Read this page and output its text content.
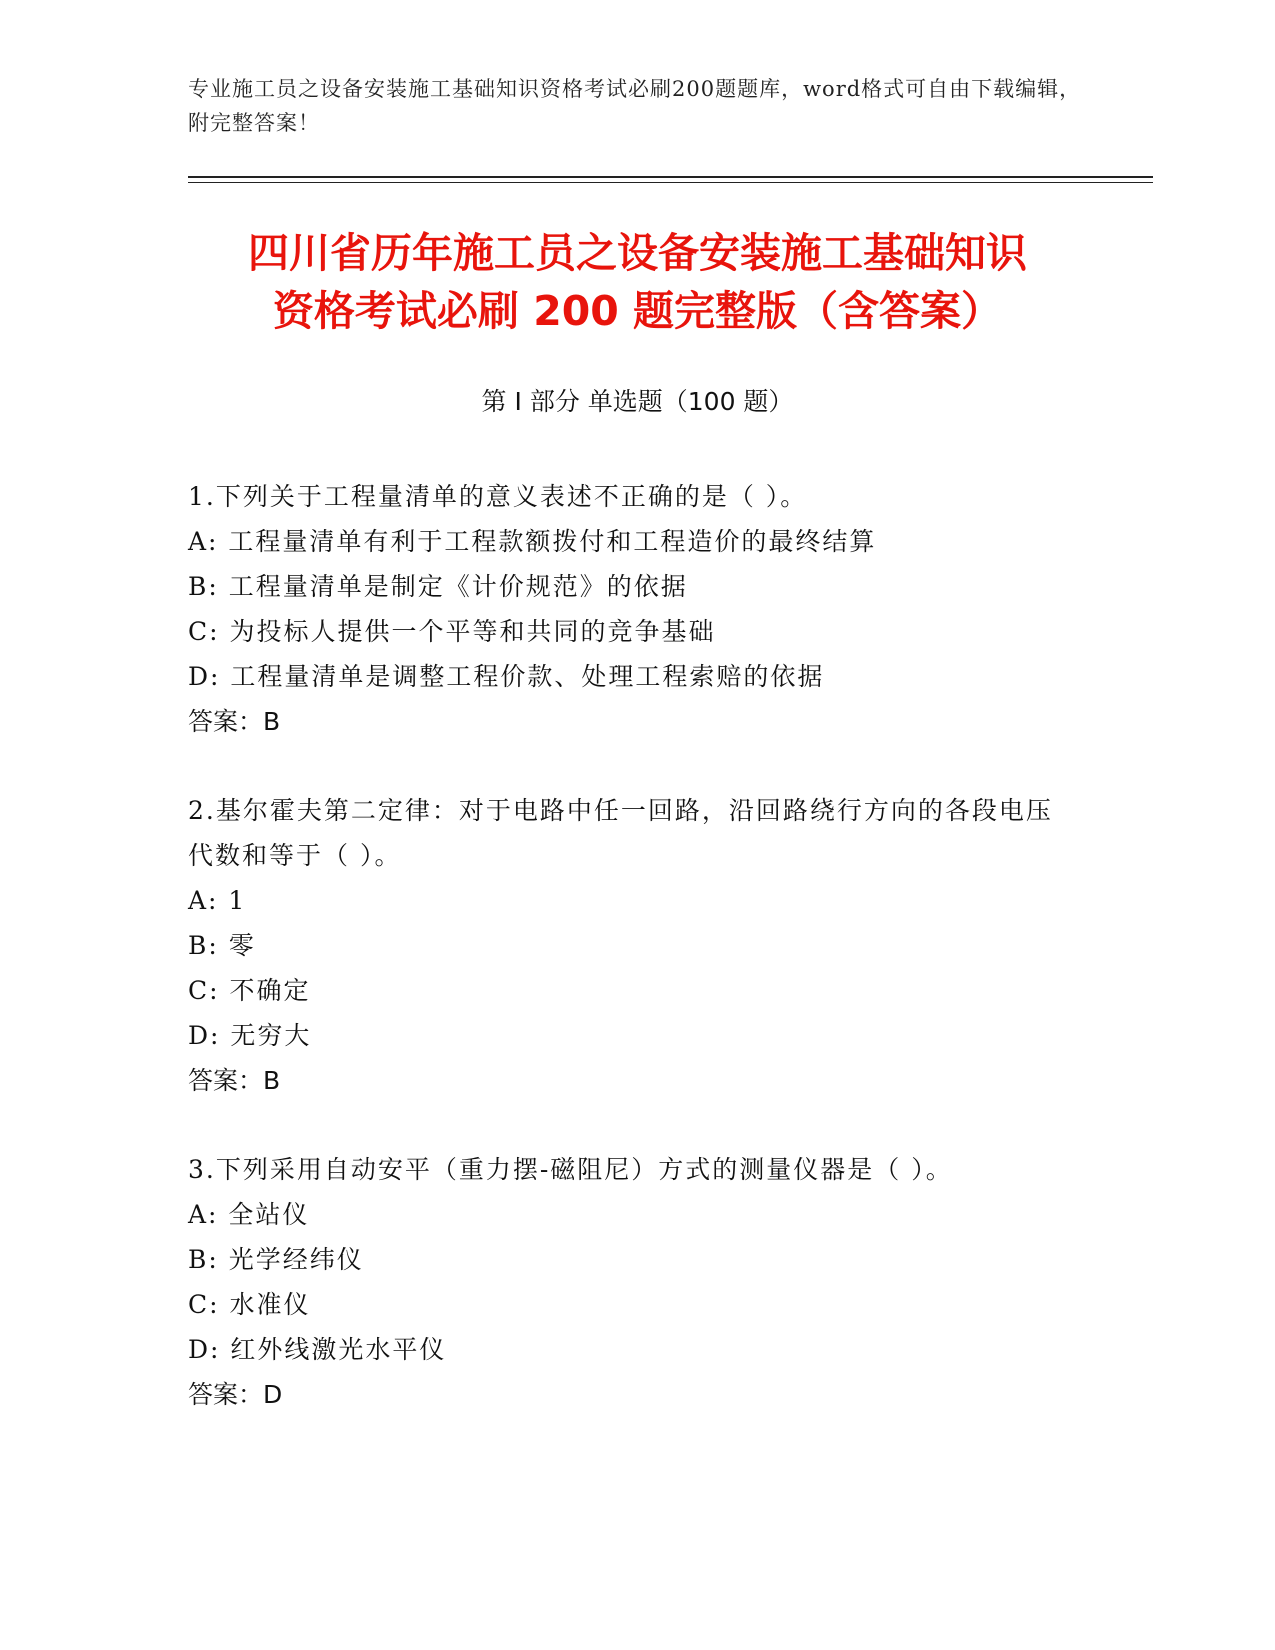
专业施工员之设备安装施工基础知识资格考试必刷200题题库，word格式可自由下载编辑，附完整答案！
四川省历年施工员之设备安装施工基础知识
资格考试必刷 200 题完整版（含答案）
第 I 部分 单选题（100 题）
1.下列关于工程量清单的意义表述不正确的是（ ）。
A: 工程量清单有利于工程款额拨付和工程造价的最终结算
B: 工程量清单是制定《计价规范》的依据
C: 为投标人提供一个平等和共同的竞争基础
D: 工程量清单是调整工程价款、处理工程索赔的依据
答案：B
2.基尔霍夫第二定律：对于电路中任一回路，沿回路绕行方向的各段电压代数和等于（ ）。
A: 1
B: 零
C: 不确定
D: 无穷大
答案：B
3.下列采用自动安平（重力摆-磁阻尼）方式的测量仪器是（ ）。
A: 全站仪
B: 光学经纬仪
C: 水准仪
D: 红外线激光水平仪
答案：D
